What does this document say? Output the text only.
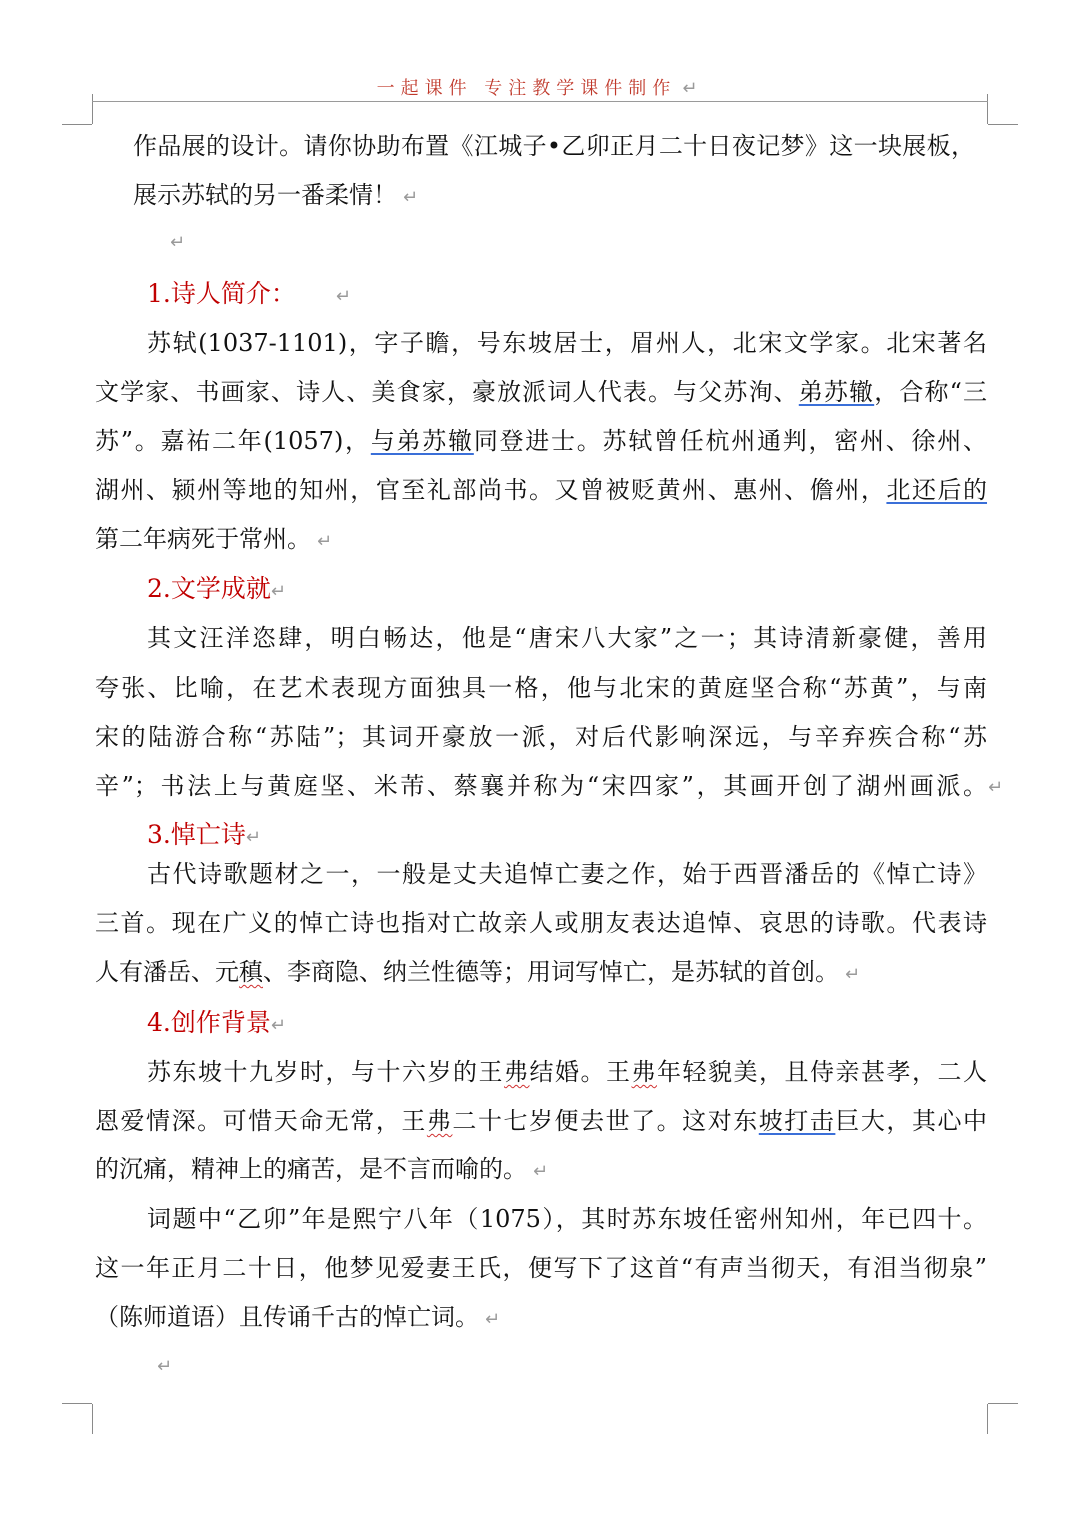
一起课件 专注教学课件制作 ↵
作品展的设计。请你协助布置《江城子•乙卯正月二十日夜记梦》这一块展板，
展示苏轼的另一番柔情！ ↵
↵
1.诗人简介： ↵
苏轼(1037-1101)，字子瞻，号东坡居士，眉州人，北宋文学家。北宋著名
文学家、书画家、诗人、美食家，豪放派词人代表。与父苏洵、弟苏辙，合称“三
苏”。嘉祐二年(1057)，与弟苏辙同登进士。苏轼曾任杭州通判，密州、徐州、
湖州、颍州等地的知州，官至礼部尚书。又曾被贬黄州、惠州、儋州，北还后的
第二年病死于常州。 ↵
2.文学成就↵
其文汪洋恣肆，明白畅达，他是“唐宋八大家”之一；其诗清新豪健，善用
夸张、比喻，在艺术表现方面独具一格，他与北宋的黄庭坚合称“苏黄”，与南
宋的陆游合称“苏陆”；其词开豪放一派，对后代影响深远，与辛弃疾合称“苏
辛”；书法上与黄庭坚、米芾、蔡襄并称为“宋四家”，其画开创了湖州画派。 ↵
3.悼亡诗↵
古代诗歌题材之一，一般是丈夫追悼亡妻之作，始于西晋潘岳的《悼亡诗》
三首。现在广义的悼亡诗也指对亡故亲人或朋友表达追悼、哀思的诗歌。代表诗
人有潘岳、元稹、李商隐、纳兰性德等；用词写悼亡，是苏轼的首创。 ↵
4.创作背景↵
苏东坡十九岁时，与十六岁的王弗结婚。王弗年轻貌美，且侍亲甚孝，二人
恩爱情深。可惜天命无常，王弗二十七岁便去世了。这对东坡打击巨大，其心中
的沉痛，精神上的痛苦，是不言而喻的。 ↵
词题中“乙卯”年是熙宁八年（1075），其时苏东坡任密州知州，年已四十。
这一年正月二十日，他梦见爱妻王氏，便写下了这首“有声当彻天，有泪当彻泉”
（陈师道语）且传诵千古的悼亡词。 ↵
↵
